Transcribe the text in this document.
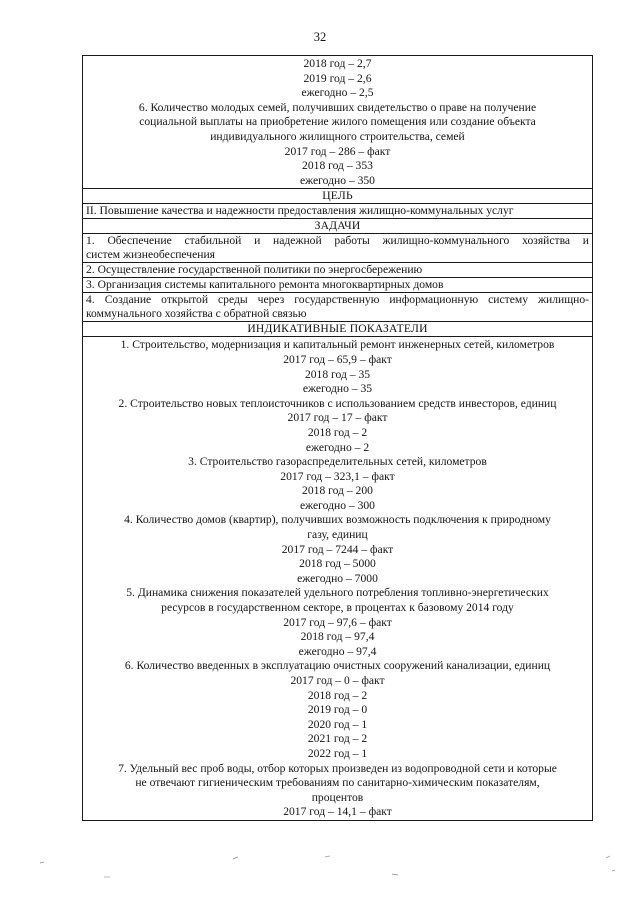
32
2018 год – 2,7
2019 год – 2,6
ежегодно – 2,5
6. Количество молодых семей, получивших свидетельство о праве на получение
социальной выплаты на приобретение жилого помещения или создание объекта
индивидуального жилищного строительства, семей
2017 год – 286 – факт
2018 год – 353
ежегодно – 350
ЦЕЛЬ
II. Повышение качества и надежности предоставления жилищно-коммунальных услуг
ЗАДАЧИ
1. Обеспечение стабильной и надежной работы жилищно-коммунального хозяйства и
систем жизнеобеспечения
2. Осуществление государственной политики по энергосбережению
3. Организация системы капитального ремонта многоквартирных домов
4. Создание открытой среды через государственную информационную систему жилищно-
коммунального хозяйства с обратной связью
ИНДИКАТИВНЫЕ ПОКАЗАТЕЛИ
1. Строительство, модернизация и капитальный ремонт инженерных сетей, километров
2017 год – 65,9 – факт
2018 год – 35
ежегодно – 35
2. Строительство новых теплоисточников с использованием средств инвесторов, единиц
2017 год – 17 – факт
2018 год – 2
ежегодно – 2
3. Строительство газораспределительных сетей, километров
2017 год – 323,1 – факт
2018 год – 200
ежегодно – 300
4. Количество домов (квартир), получивших возможность подключения к природному
газу, единиц
2017 год – 7244 – факт
2018 год – 5000
ежегодно – 7000
5. Динамика снижения показателей удельного потребления топливно-энергетических
ресурсов в государственном секторе, в процентах к базовому 2014 году
2017 год – 97,6 – факт
2018 год – 97,4
ежегодно – 97,4
6. Количество введенных в эксплуатацию очистных сооружений канализации, единиц
2017 год – 0 – факт
2018 год – 2
2019 год – 0
2020 год – 1
2021 год – 2
2022 год – 1
7. Удельный вес проб воды, отбор которых произведен из водопроводной сети и которые
не отвечают гигиеническим требованиям по санитарно-химическим показателям,
процентов
2017 год – 14,1 – факт
